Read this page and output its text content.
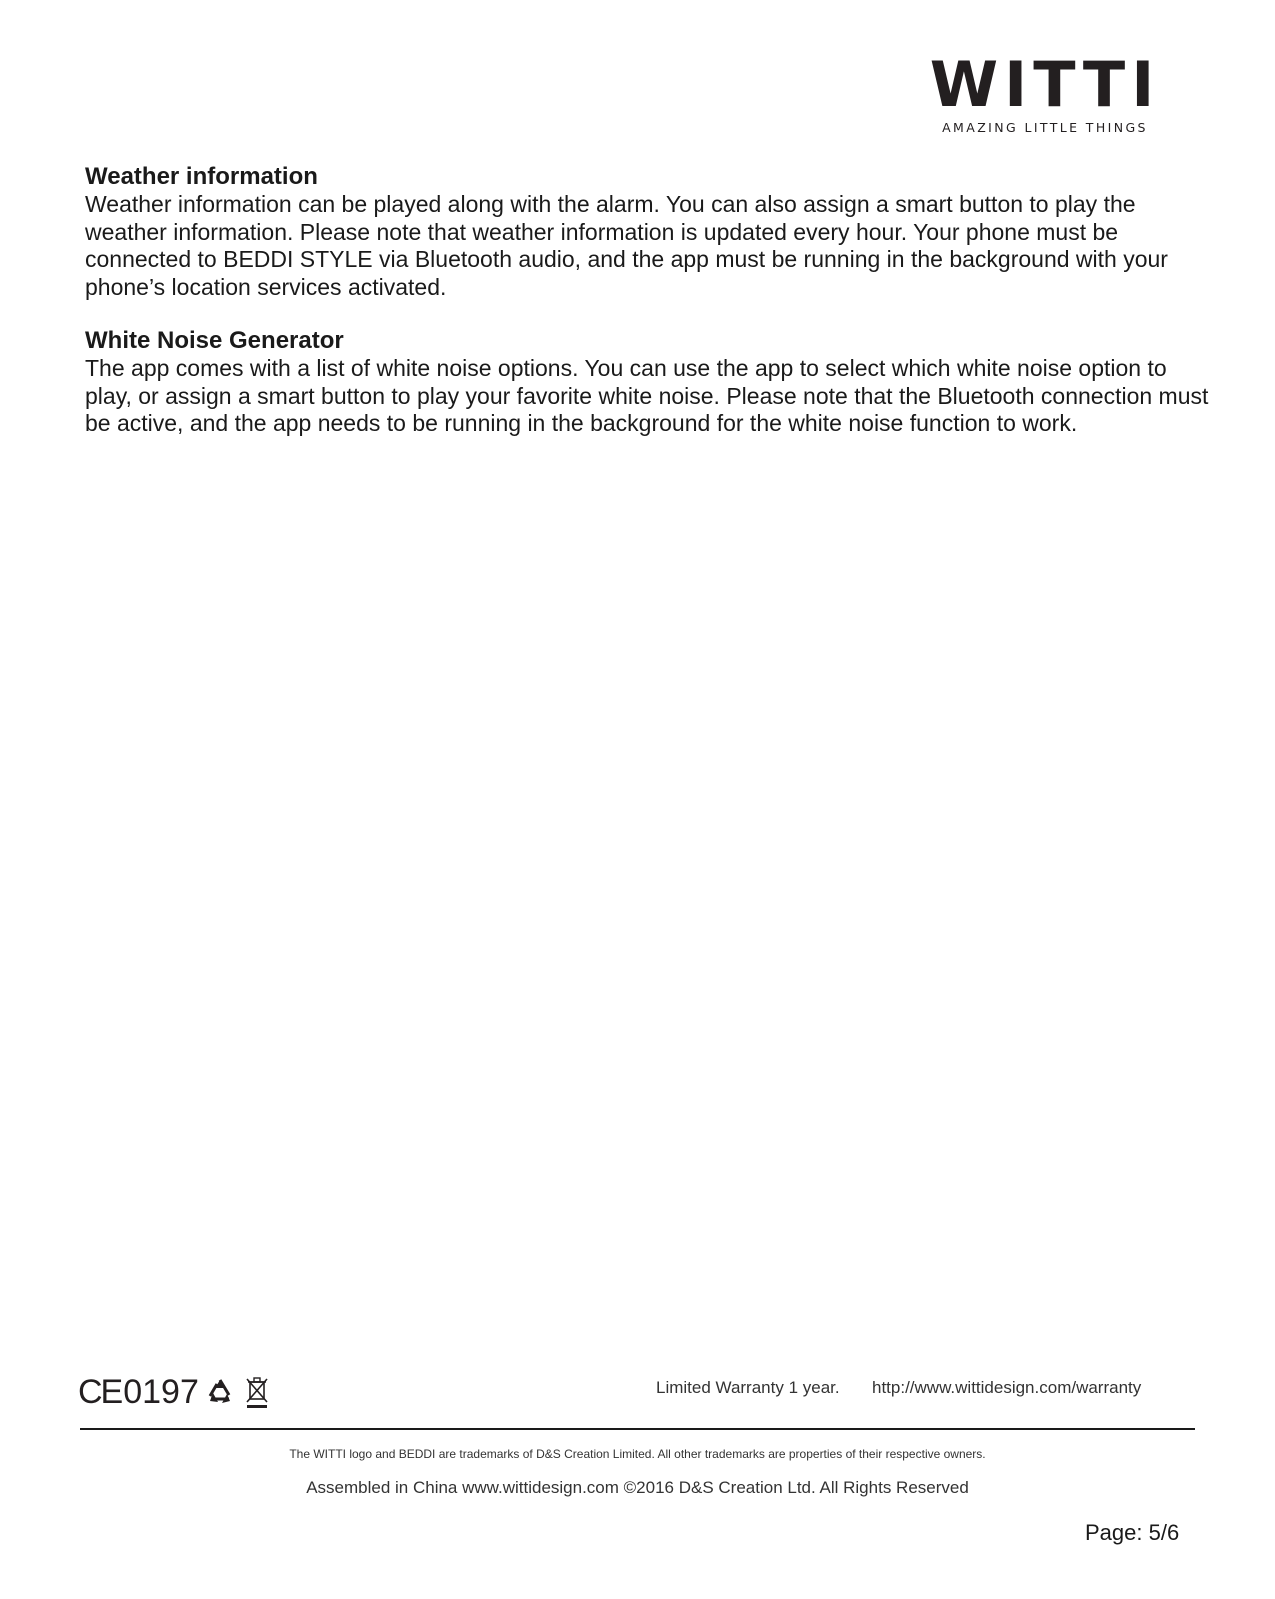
WITTI
AMAZING LITTLE THINGS
Weather information
Weather information can be played along with the alarm. You can also assign a smart button to play the weather information. Please note that weather information is updated every hour. Your phone must be connected to BEDDI STYLE via Bluetooth audio, and the app must be running in the background with your phone’s location services activated.
White Noise Generator
The app comes with a list of white noise options. You can use the app to select which white noise option to play, or assign a smart button to play your favorite white noise. Please note that the Bluetooth connection must be active, and the app needs to be running in the background for the white noise function to work.
CE 0197	Limited Warranty 1 year. http://www.wittidesign.com/warranty
The WITTI logo and BEDDI are trademarks of D&S Creation Limited. All other trademarks are properties of their respective owners.
Assembled in China www.wittidesign.com ©2016 D&S Creation Ltd. All Rights Reserved
Page: 5/6
